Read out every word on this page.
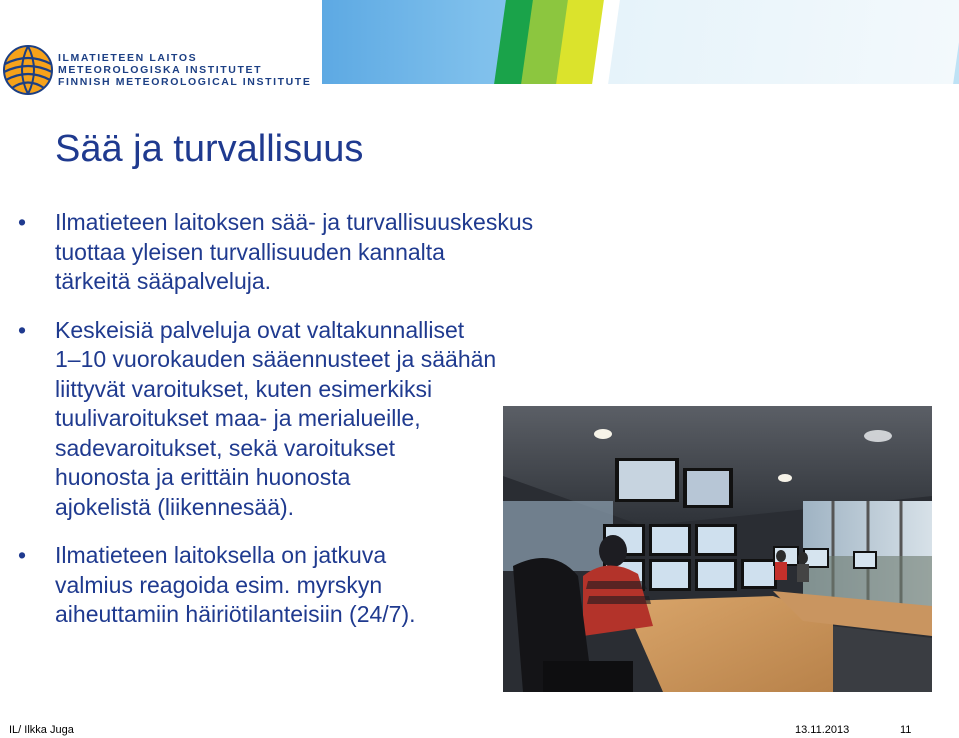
ILMATIETEEN LAITOS
METEOROLOGISKA INSTITUTET
FINNISH METEOROLOGICAL INSTITUTE
Sää ja turvallisuus
• Ilmatieteen laitoksen sää- ja turvallisuuskeskus
tuottaa yleisen turvallisuuden kannalta
tärkeitä sääpalveluja.
• Keskeisiä palveluja ovat valtakunnalliset
1–10 vuorokauden sääennusteet ja säähän
liittyvät varoitukset, kuten esimerkiksi
tuulivaroitukset maa- ja merialueille,
sadevaroitukset, sekä varoitukset
huonosta ja erittäin huonosta
ajokelistä (liikennesää).
• Ilmatieteen laitoksella on jatkuva
valmius reagoida esim. myrskyn
aiheuttamiin häiriötilanteisiin (24/7).
IL/ Ilkka Juga	13.11.2013	11
